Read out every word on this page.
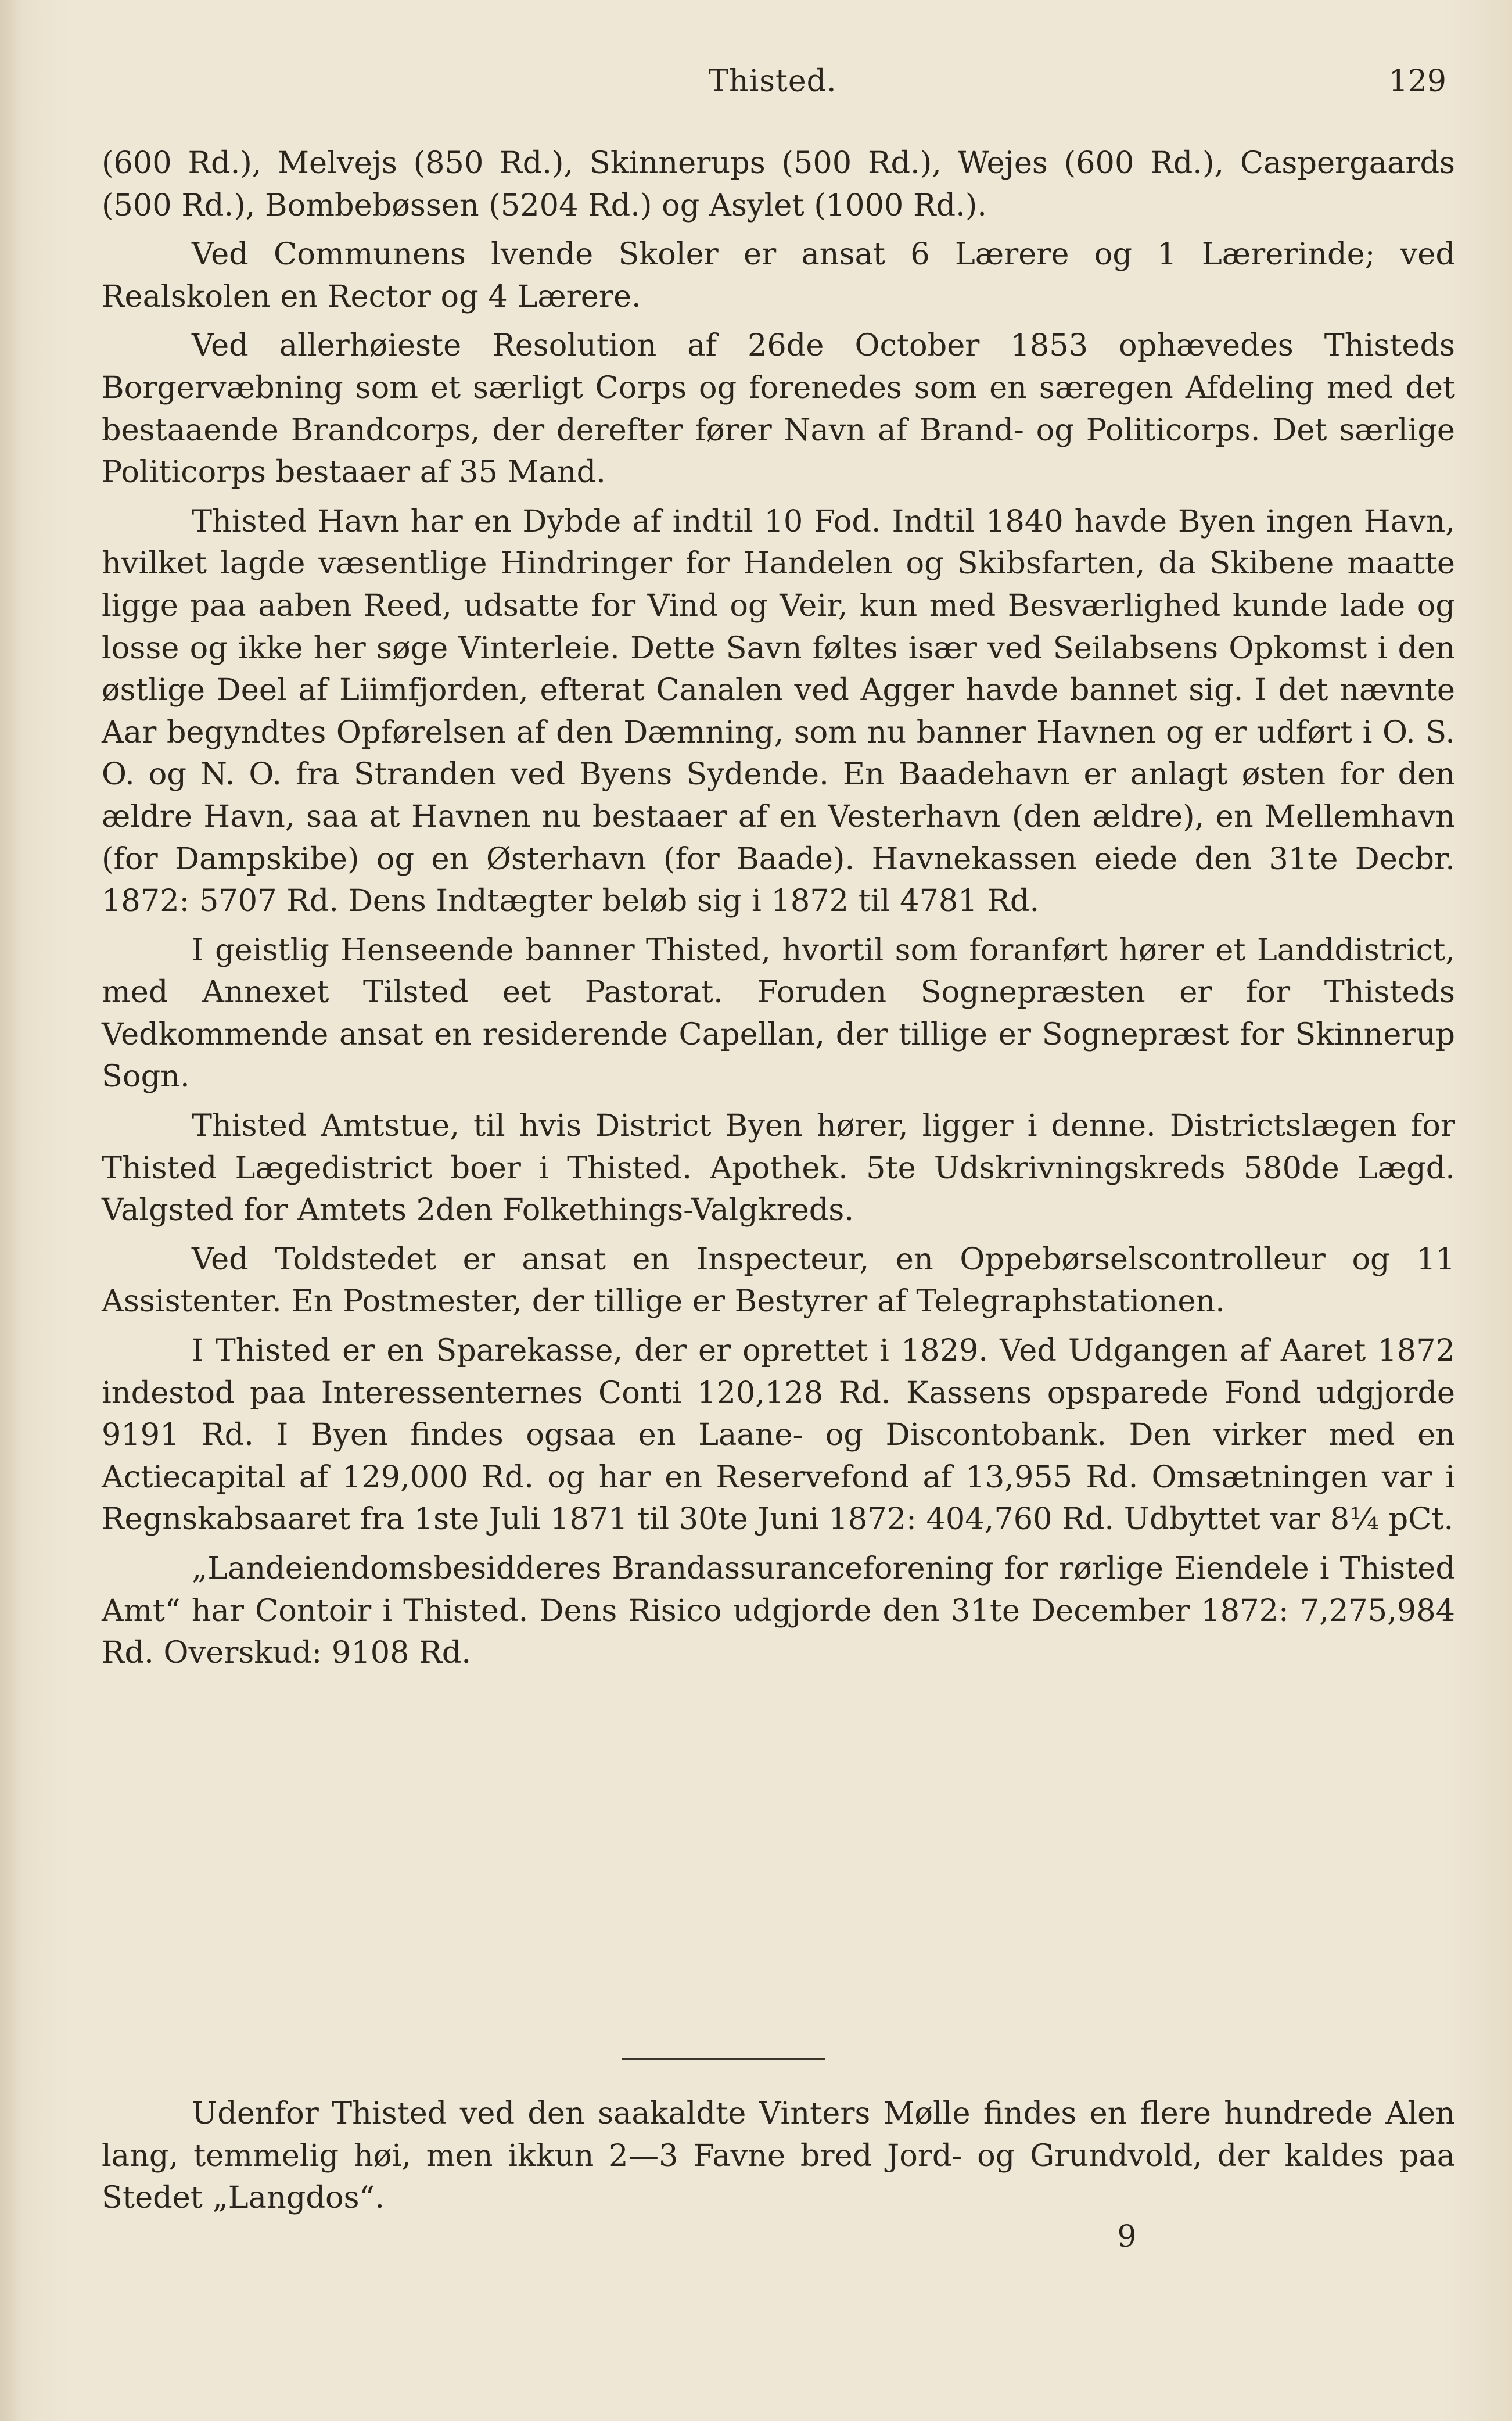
Thisted.	129

(600 Rd.), Melvejs (850 Rd.), Skinnerups (500 Rd.), Wejes (600 Rd.), Caspergaards (500 Rd.), Bombebøssen (5204 Rd.) og Asylet (1000 Rd.).

Ved Communens lvende Skoler er ansat 6 Lærere og 1 Lærerinde; ved Realskolen en Rector og 4 Lærere.

Ved allerhøieste Resolution af 26de October 1853 ophævedes Thisteds Borgervæbning som et særligt Corps og forenedes som en særegen Afdeling med det bestaaende Brandcorps, der derefter fører Navn af Brand- og Politicorps. Det særlige Politicorps bestaaer af 35 Mand.

Thisted Havn har en Dybde af indtil 10 Fod. Indtil 1840 havde Byen ingen Havn, hvilket lagde væsentlige Hindringer for Handelen og Skibsfarten, da Skibene maatte ligge paa aaben Reed, udsatte for Vind og Veir, kun med Besværlighed kunde lade og losse og ikke her søge Vinterleie. Dette Savn føltes især ved Seilabsens Opkomst i den østlige Deel af Liimfjorden, efterat Canalen ved Agger havde bannet sig. I det nævnte Aar begyndtes Opførelsen af den Dæmning, som nu banner Havnen og er udført i O. S. O. og N. O. fra Stranden ved Byens Sydende. En Baadehavn er anlagt østen for den ældre Havn, saa at Havnen nu bestaaer af en Vesterhavn (den ældre), en Mellemhavn (for Dampskibe) og en Østerhavn (for Baade). Havnekassen eiede den 31te Decbr. 1872: 5707 Rd. Dens Indtægter beløb sig i 1872 til 4781 Rd.

I geistlig Henseende banner Thisted, hvortil som foranført hører et Landdistrict, med Annexet Tilsted eet Pastorat. Foruden Sognepræsten er for Thisteds Vedkommende ansat en residerende Capellan, der tillige er Sognepræst for Skinnerup Sogn.

Thisted Amtstue, til hvis District Byen hører, ligger i denne. Districtslægen for Thisted Lægedistrict boer i Thisted. Apothek. 5te Udskrivningskreds 580de Lægd. Valgsted for Amtets 2den Folkethings-Valgkreds.

Ved Toldstedet er ansat en Inspecteur, en Oppebørselscontrolleur og 11 Assistenter. En Postmester, der tillige er Bestyrer af Telegraphstationen.

I Thisted er en Sparekasse, der er oprettet i 1829. Ved Udgangen af Aaret 1872 indestod paa Interessenternes Conti 120,128 Rd. Kassens opsparede Fond udgjorde 9191 Rd. I Byen findes ogsaa en Laane- og Discontobank. Den virker med en Actiecapital af 129,000 Rd. og har en Reservefond af 13,955 Rd. Omsætningen var i Regnskabsaaret fra 1ste Juli 1871 til 30te Juni 1872: 404,760 Rd. Udbyttet var 8¼ pCt.

„Landeiendomsbesidderes Brandassuranceforening for rørlige Eiendele i Thisted Amt“ har Contoir i Thisted. Dens Risico udgjorde den 31te December 1872: 7,275,984 Rd. Overskud: 9108 Rd.

Udenfor Thisted ved den saakaldte Vinters Mølle findes en flere hundrede Alen lang, temmelig høi, men ikkun 2—3 Favne bred Jord- og Grundvold, der kaldes paa Stedet „Langdos“.

9
